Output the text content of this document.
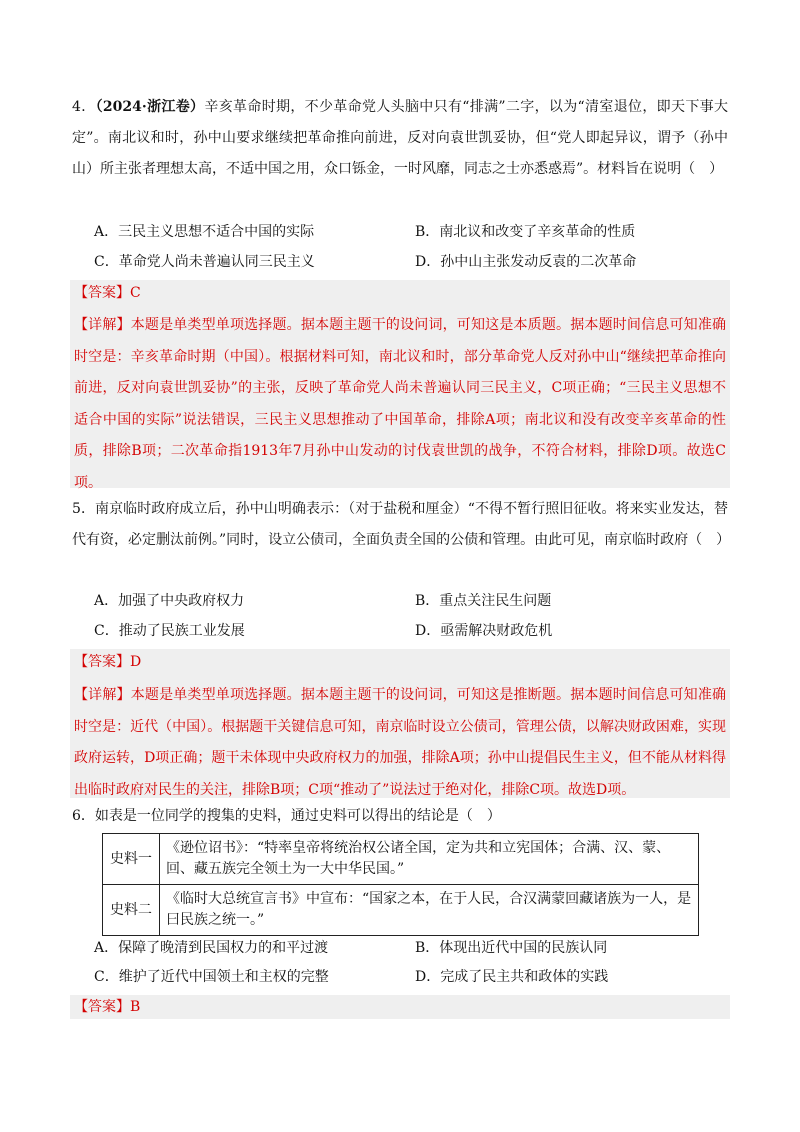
4．（2024·浙江卷）辛亥革命时期，不少革命党人头脑中只有“排满”二字，以为“清室退位，即天下事大定”。南北议和时，孙中山要求继续把革命推向前进，反对向袁世凯妥协，但“党人即起异议，谓予（孙中山）所主张者理想太高，不适中国之用，众口铄金，一时风靡，同志之士亦悉惑焉”。材料旨在说明（　）
A．三民主义思想不适合中国的实际	B．南北议和改变了辛亥革命的性质
C．革命党人尚未普遍认同三民主义	D．孙中山主张发动反袁的二次革命
【答案】C
【详解】本题是单类型单项选择题。据本题主题干的设问词，可知这是本质题。据本题时间信息可知准确时空是：辛亥革命时期（中国）。根据材料可知，南北议和时，部分革命党人反对孙中山“继续把革命推向前进，反对向袁世凯妥协”的主张，反映了革命党人尚未普遍认同三民主义，C项正确；“三民主义思想不适合中国的实际”说法错误，三民主义思想推动了中国革命，排除A项；南北议和没有改变辛亥革命的性质，排除B项；二次革命指1913年7月孙中山发动的讨伐袁世凯的战争，不符合材料，排除D项。故选C项。
5．南京临时政府成立后，孙中山明确表示：（对于盐税和厘金）“不得不暂行照旧征收。将来实业发达，替代有资，必定删汰前例。”同时，设立公债司，全面负责全国的公债和管理。由此可见，南京临时政府（　）
A．加强了中央政府权力	B．重点关注民生问题
C．推动了民族工业发展	D．亟需解决财政危机
【答案】D
【详解】本题是单类型单项选择题。据本题主题干的设问词，可知这是推断题。据本题时间信息可知准确时空是：近代（中国）。根据题干关键信息可知，南京临时设立公债司，管理公债，以解决财政困难，实现政府运转，D项正确；题干未体现中央政府权力的加强，排除A项；孙中山提倡民生主义，但不能从材料得出临时政府对民生的关注，排除B项；C项“推动了”说法过于绝对化，排除C项。故选D项。
6．如表是一位同学的搜集的史料，通过史料可以得出的结论是（　）
史料一	《逊位诏书》：“特率皇帝将统治权公诸全国，定为共和立宪国体；合满、汉、蒙、回、藏五族完全领土为一大中华民国。”
史料二	《临时大总统宣言书》中宣布：“国家之本，在于人民，合汉满蒙回藏诸族为一人，是曰民族之统一。”
A．保障了晚清到民国权力的和平过渡	B．体现出近代中国的民族认同
C．维护了近代中国领土和主权的完整	D．完成了民主共和政体的实践
【答案】B
